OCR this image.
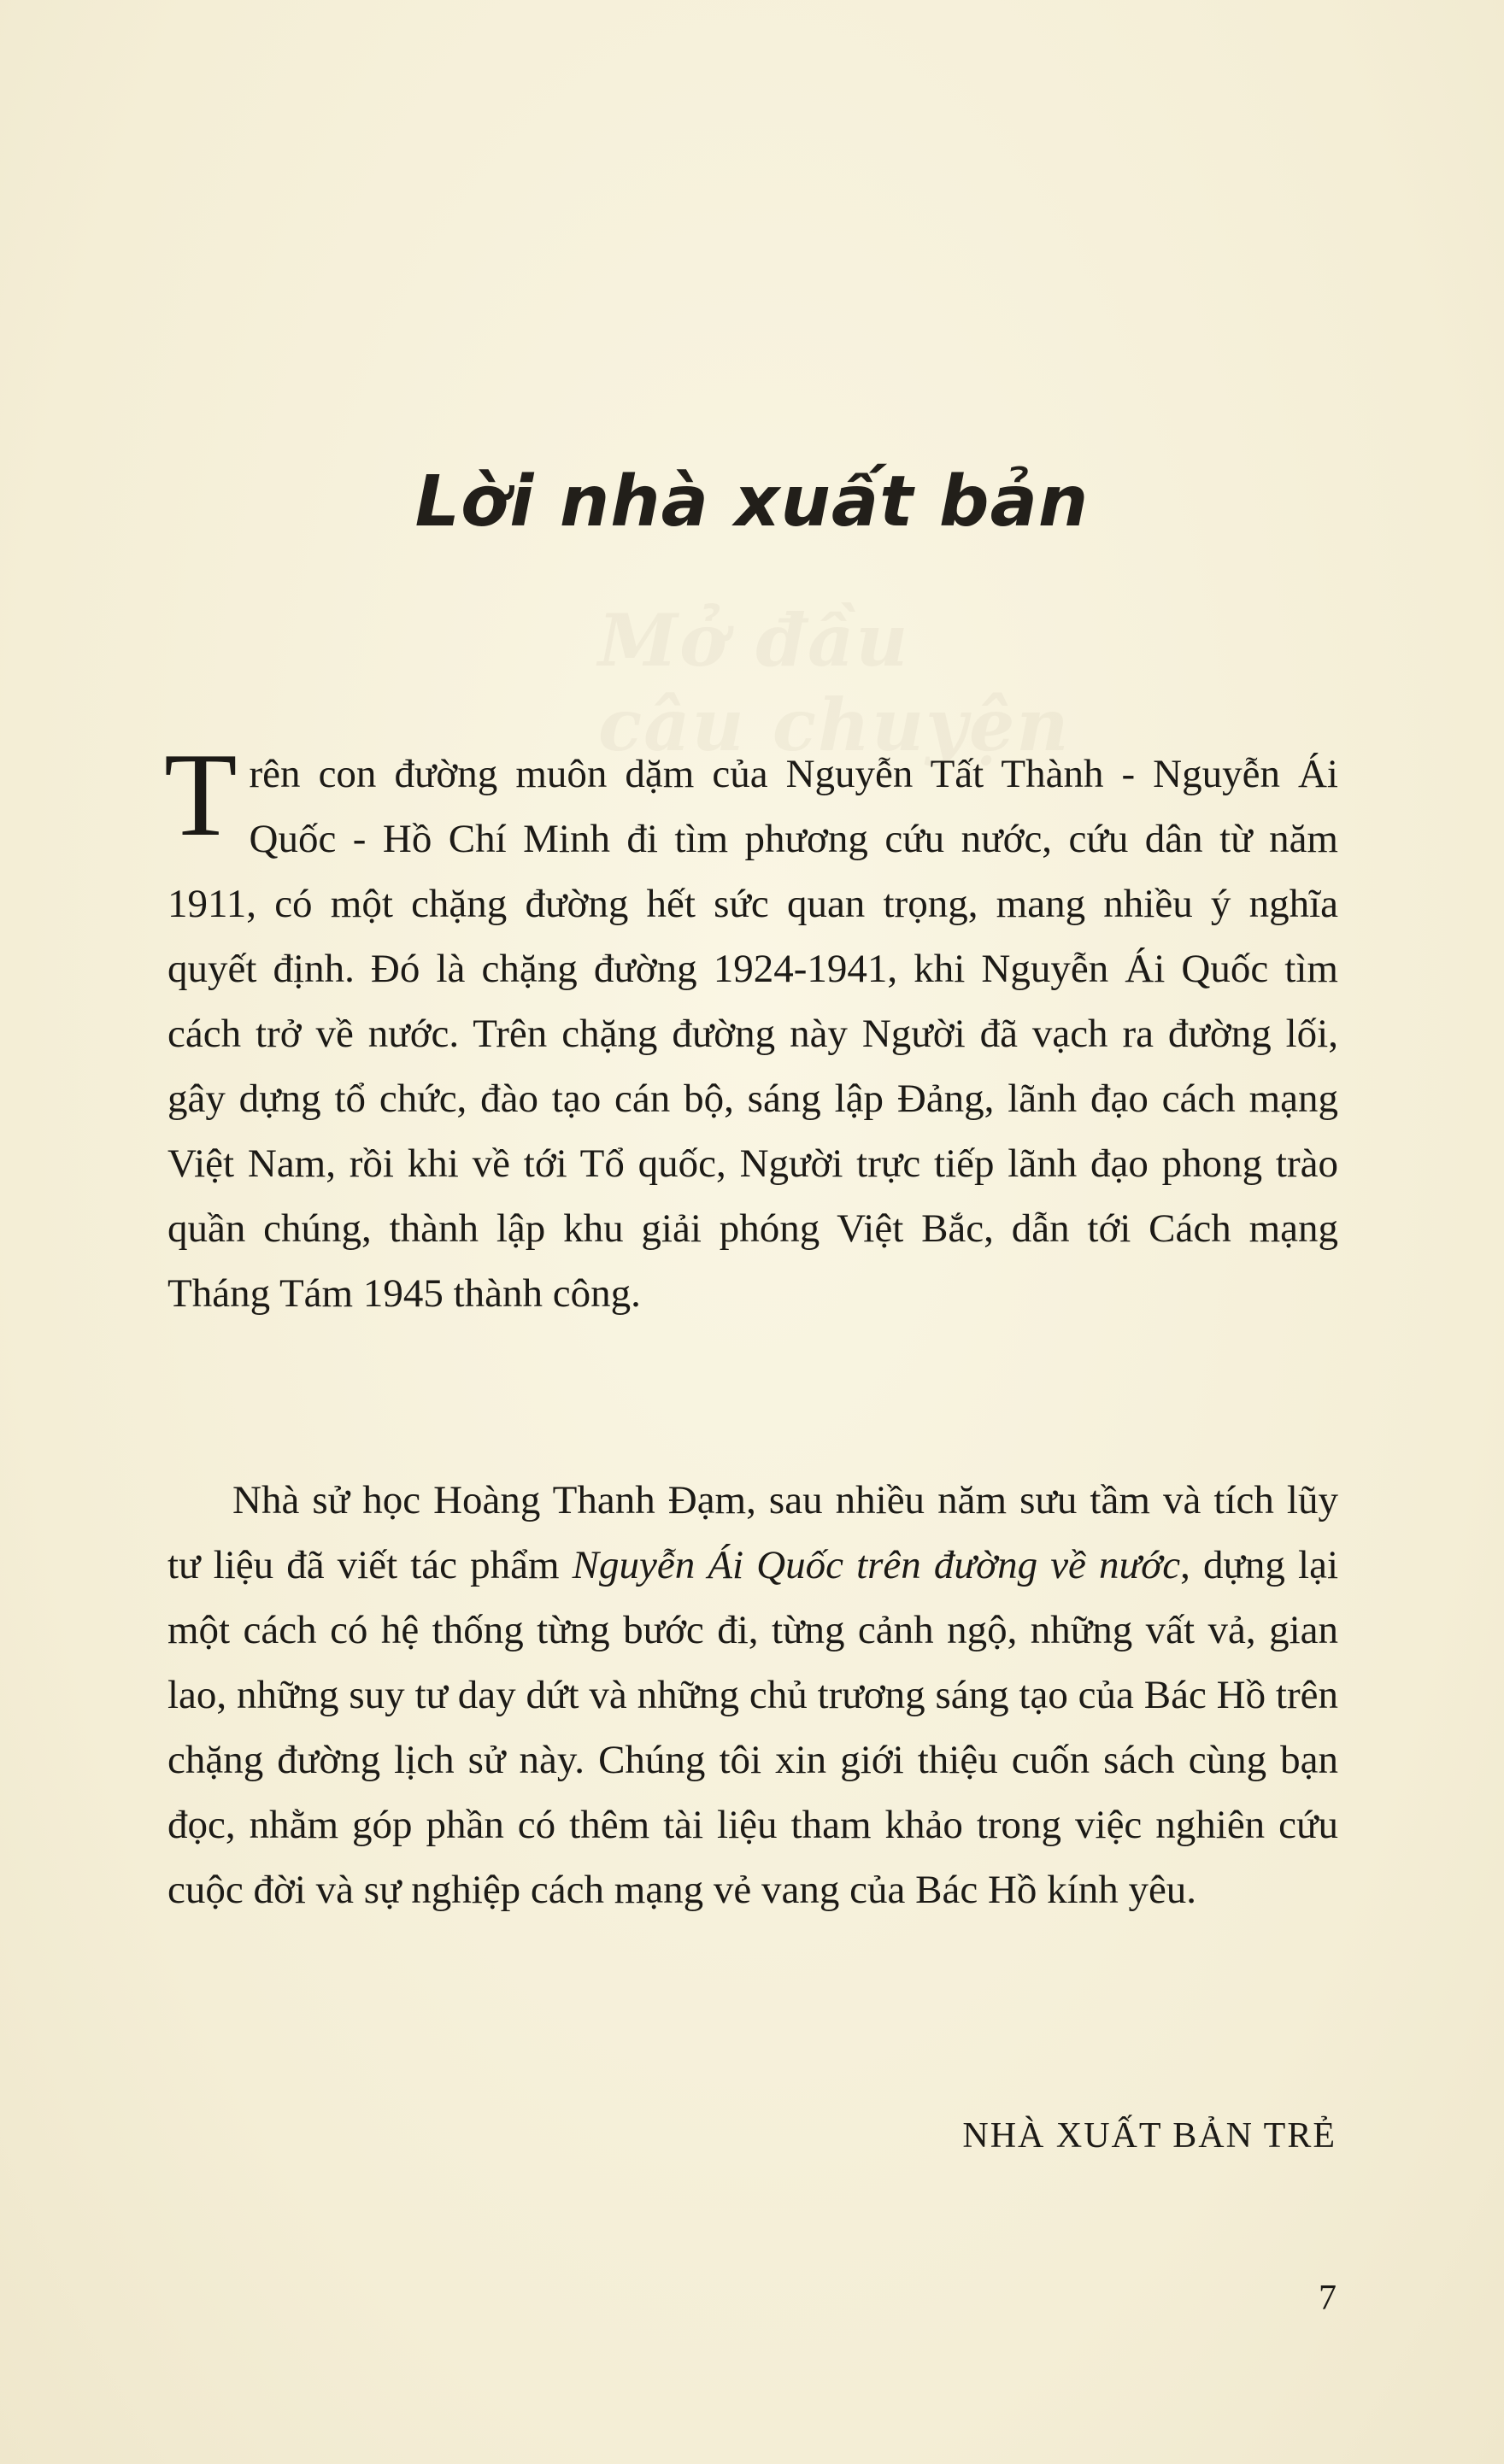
Mở đầu câu chuyện
Lời nhà xuất bản
Trên con đường muôn dặm của Nguyễn Tất Thành - Nguyễn Ái Quốc - Hồ Chí Minh đi tìm phương cứu nước, cứu dân từ năm 1911, có một chặng đường hết sức quan trọng, mang nhiều ý nghĩa quyết định. Đó là chặng đường 1924-1941, khi Nguyễn Ái Quốc tìm cách trở về nước. Trên chặng đường này Người đã vạch ra đường lối, gây dựng tổ chức, đào tạo cán bộ, sáng lập Đảng, lãnh đạo cách mạng Việt Nam, rồi khi về tới Tổ quốc, Người trực tiếp lãnh đạo phong trào quần chúng, thành lập khu giải phóng Việt Bắc, dẫn tới Cách mạng Tháng Tám 1945 thành công.
Nhà sử học Hoàng Thanh Đạm, sau nhiều năm sưu tầm và tích lũy tư liệu đã viết tác phẩm Nguyễn Ái Quốc trên đường về nước, dựng lại một cách có hệ thống từng bước đi, từng cảnh ngộ, những vất vả, gian lao, những suy tư day dứt và những chủ trương sáng tạo của Bác Hồ trên chặng đường lịch sử này. Chúng tôi xin giới thiệu cuốn sách cùng bạn đọc, nhằm góp phần có thêm tài liệu tham khảo trong việc nghiên cứu cuộc đời và sự nghiệp cách mạng vẻ vang của Bác Hồ kính yêu.
NHÀ XUẤT BẢN TRẺ
7
